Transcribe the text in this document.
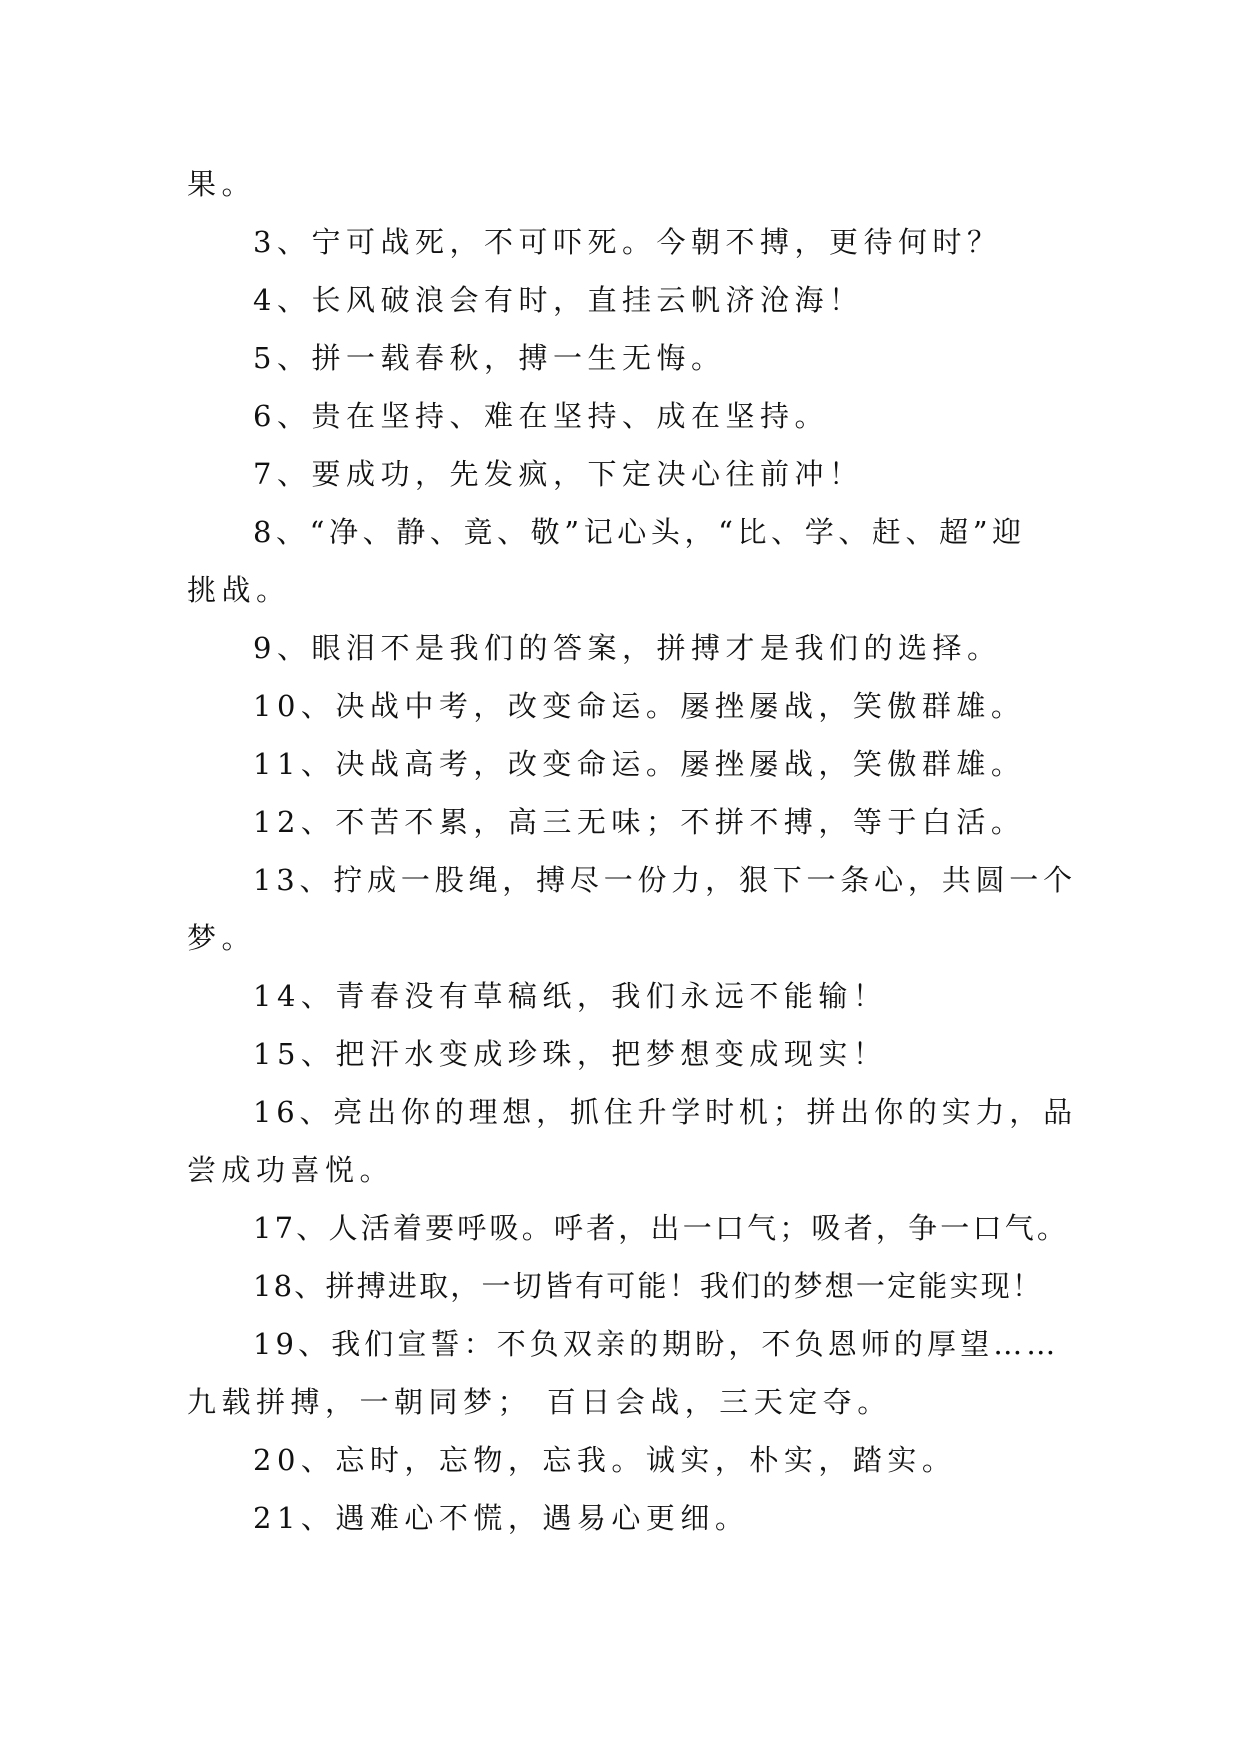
果。
3、宁可战死，不可吓死。今朝不搏，更待何时？
4、长风破浪会有时，直挂云帆济沧海！
5、拼一载春秋，搏一生无悔。
6、贵在坚持、难在坚持、成在坚持。
7、要成功，先发疯，下定决心往前冲！
8、“净、静、竟、敬”记心头，“比、学、赶、超”迎
挑战。
9、眼泪不是我们的答案，拼搏才是我们的选择。
10、决战中考，改变命运。屡挫屡战，笑傲群雄。
11、决战高考，改变命运。屡挫屡战，笑傲群雄。
12、不苦不累，高三无味；不拼不搏，等于白活。
13、拧成一股绳，搏尽一份力，狠下一条心，共圆一个
梦。
14、青春没有草稿纸，我们永远不能输！
15、把汗水变成珍珠，把梦想变成现实！
16、亮出你的理想，抓住升学时机；拼出你的实力，品
尝成功喜悦。
17、人活着要呼吸。呼者，出一口气；吸者，争一口气。
18、拼搏进取，一切皆有可能！我们的梦想一定能实现！
19、我们宣誓：不负双亲的期盼，不负恩师的厚望……
九载拼搏，一朝同梦； 百日会战，三天定夺。
20、忘时，忘物，忘我。诚实，朴实，踏实。
21、遇难心不慌，遇易心更细。
